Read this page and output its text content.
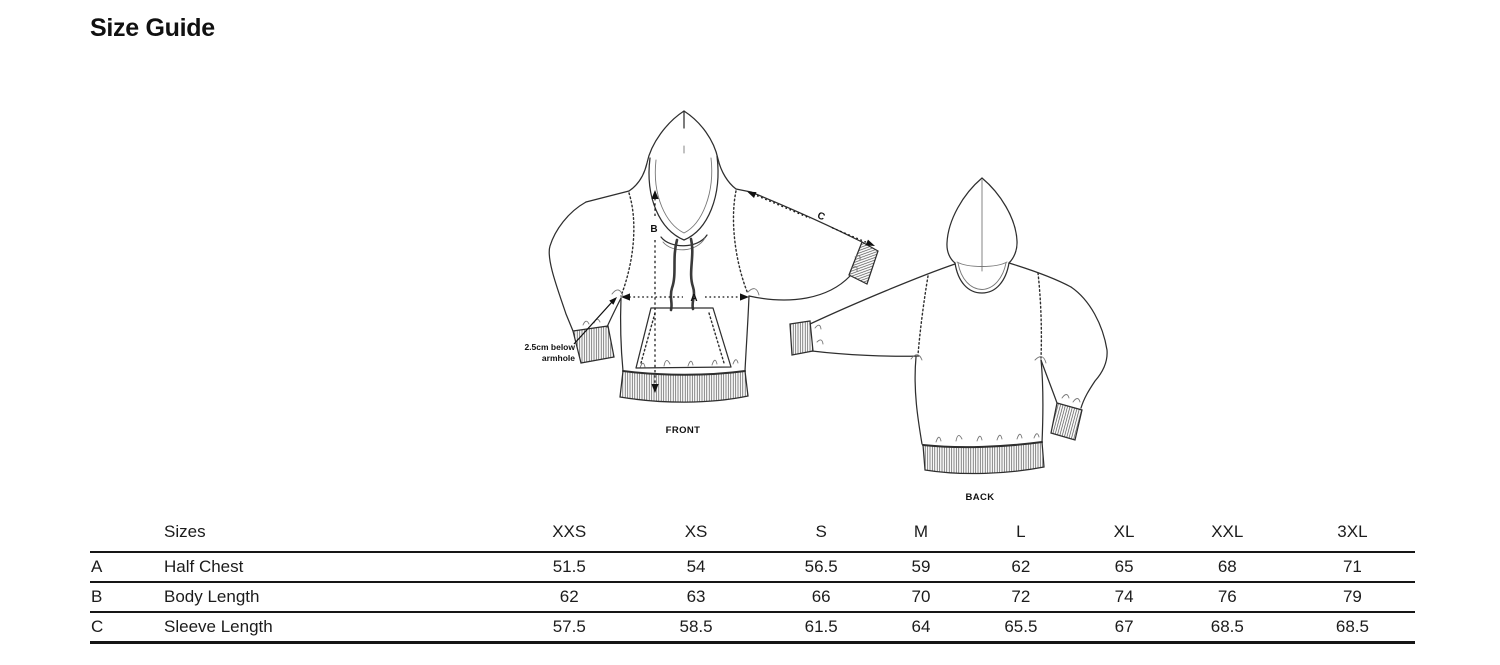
Size Guide
B
A
C
2.5cm below
armhole
FRONT
BACK
	Sizes	XXS	XS	S	M	L	XL	XXL	3XL
A	Half Chest	51.5	54	56.5	59	62	65	68	71
B	Body Length	62	63	66	70	72	74	76	79
C	Sleeve Length	57.5	58.5	61.5	64	65.5	67	68.5	68.5
